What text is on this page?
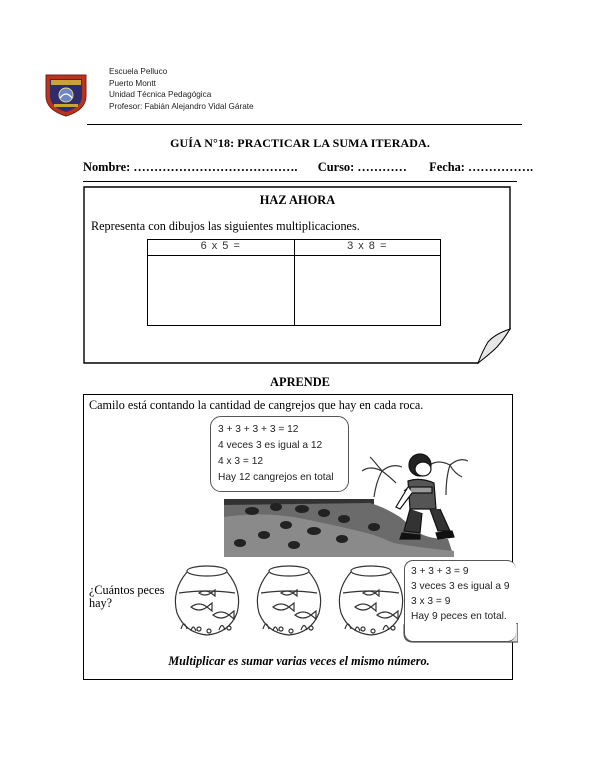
Escuela Pelluco
Puerto Montt
Unidad Técnica Pedagógica
Profesor: Fabián Alejandro Vidal Gárate
GUÍA N°18: PRACTICAR LA SUMA ITERADA.
Nombre: …………………………………. Curso: ………… Fecha: …………….
HAZ AHORA
Representa con dibujos las siguientes multiplicaciones.
6 x 5 =	3 x 8 =

APRENDE
Camilo está contando la cantidad de cangrejos que hay en cada roca.
3 + 3 + 3 + 3 = 12
4 veces 3 es igual a 12
4 x 3 = 12
Hay 12 cangrejos en total
¿Cuántos peces
hay?
3 + 3 + 3 = 9
3 veces 3 es igual a 9
3 x 3 = 9
Hay 9 peces en total.
Multiplicar es sumar varias veces el mismo número.
